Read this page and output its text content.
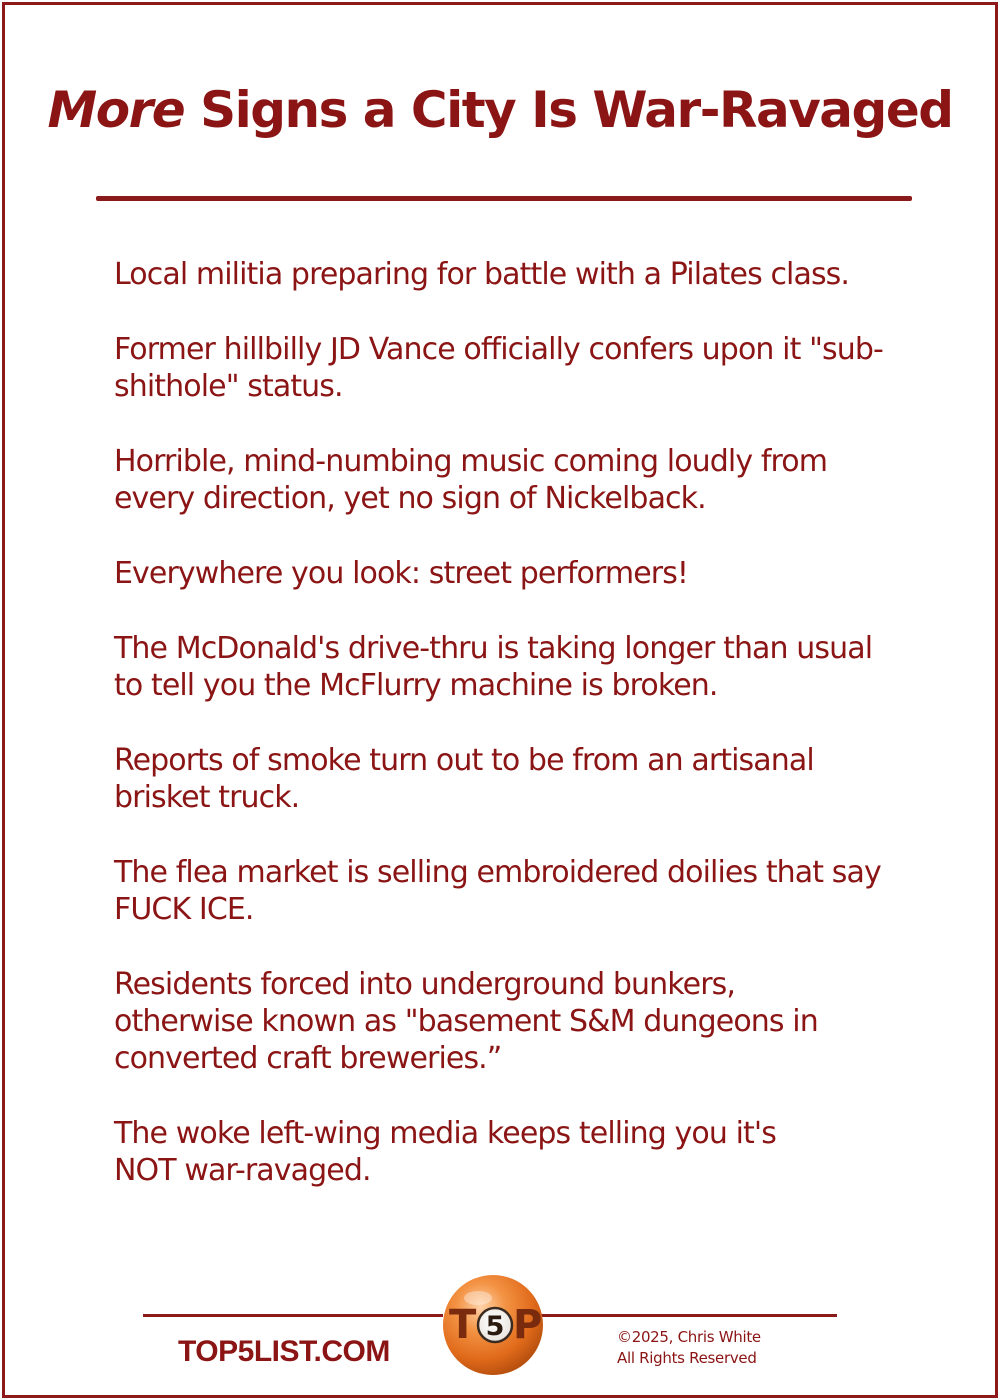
More Signs a City Is War-Ravaged
Local militia preparing for battle with a Pilates class.
Former hillbilly JD Vance officially confers upon it "sub-shithole" status.
Horrible, mind-numbing music coming loudly from every direction, yet no sign of Nickelback.
Everywhere you look: street performers!
The McDonald's drive-thru is taking longer than usual to tell you the McFlurry machine is broken.
Reports of smoke turn out to be from an artisanal brisket truck.
The flea market is selling embroidered doilies that say FUCK ICE.
Residents forced into underground bunkers, otherwise known as "basement S&M dungeons in converted craft breweries.”
The woke left-wing media keeps telling you it's NOT war-ravaged.
TOP5LIST.COM
T 5 P	©2025, Chris White
All Rights Reserved
